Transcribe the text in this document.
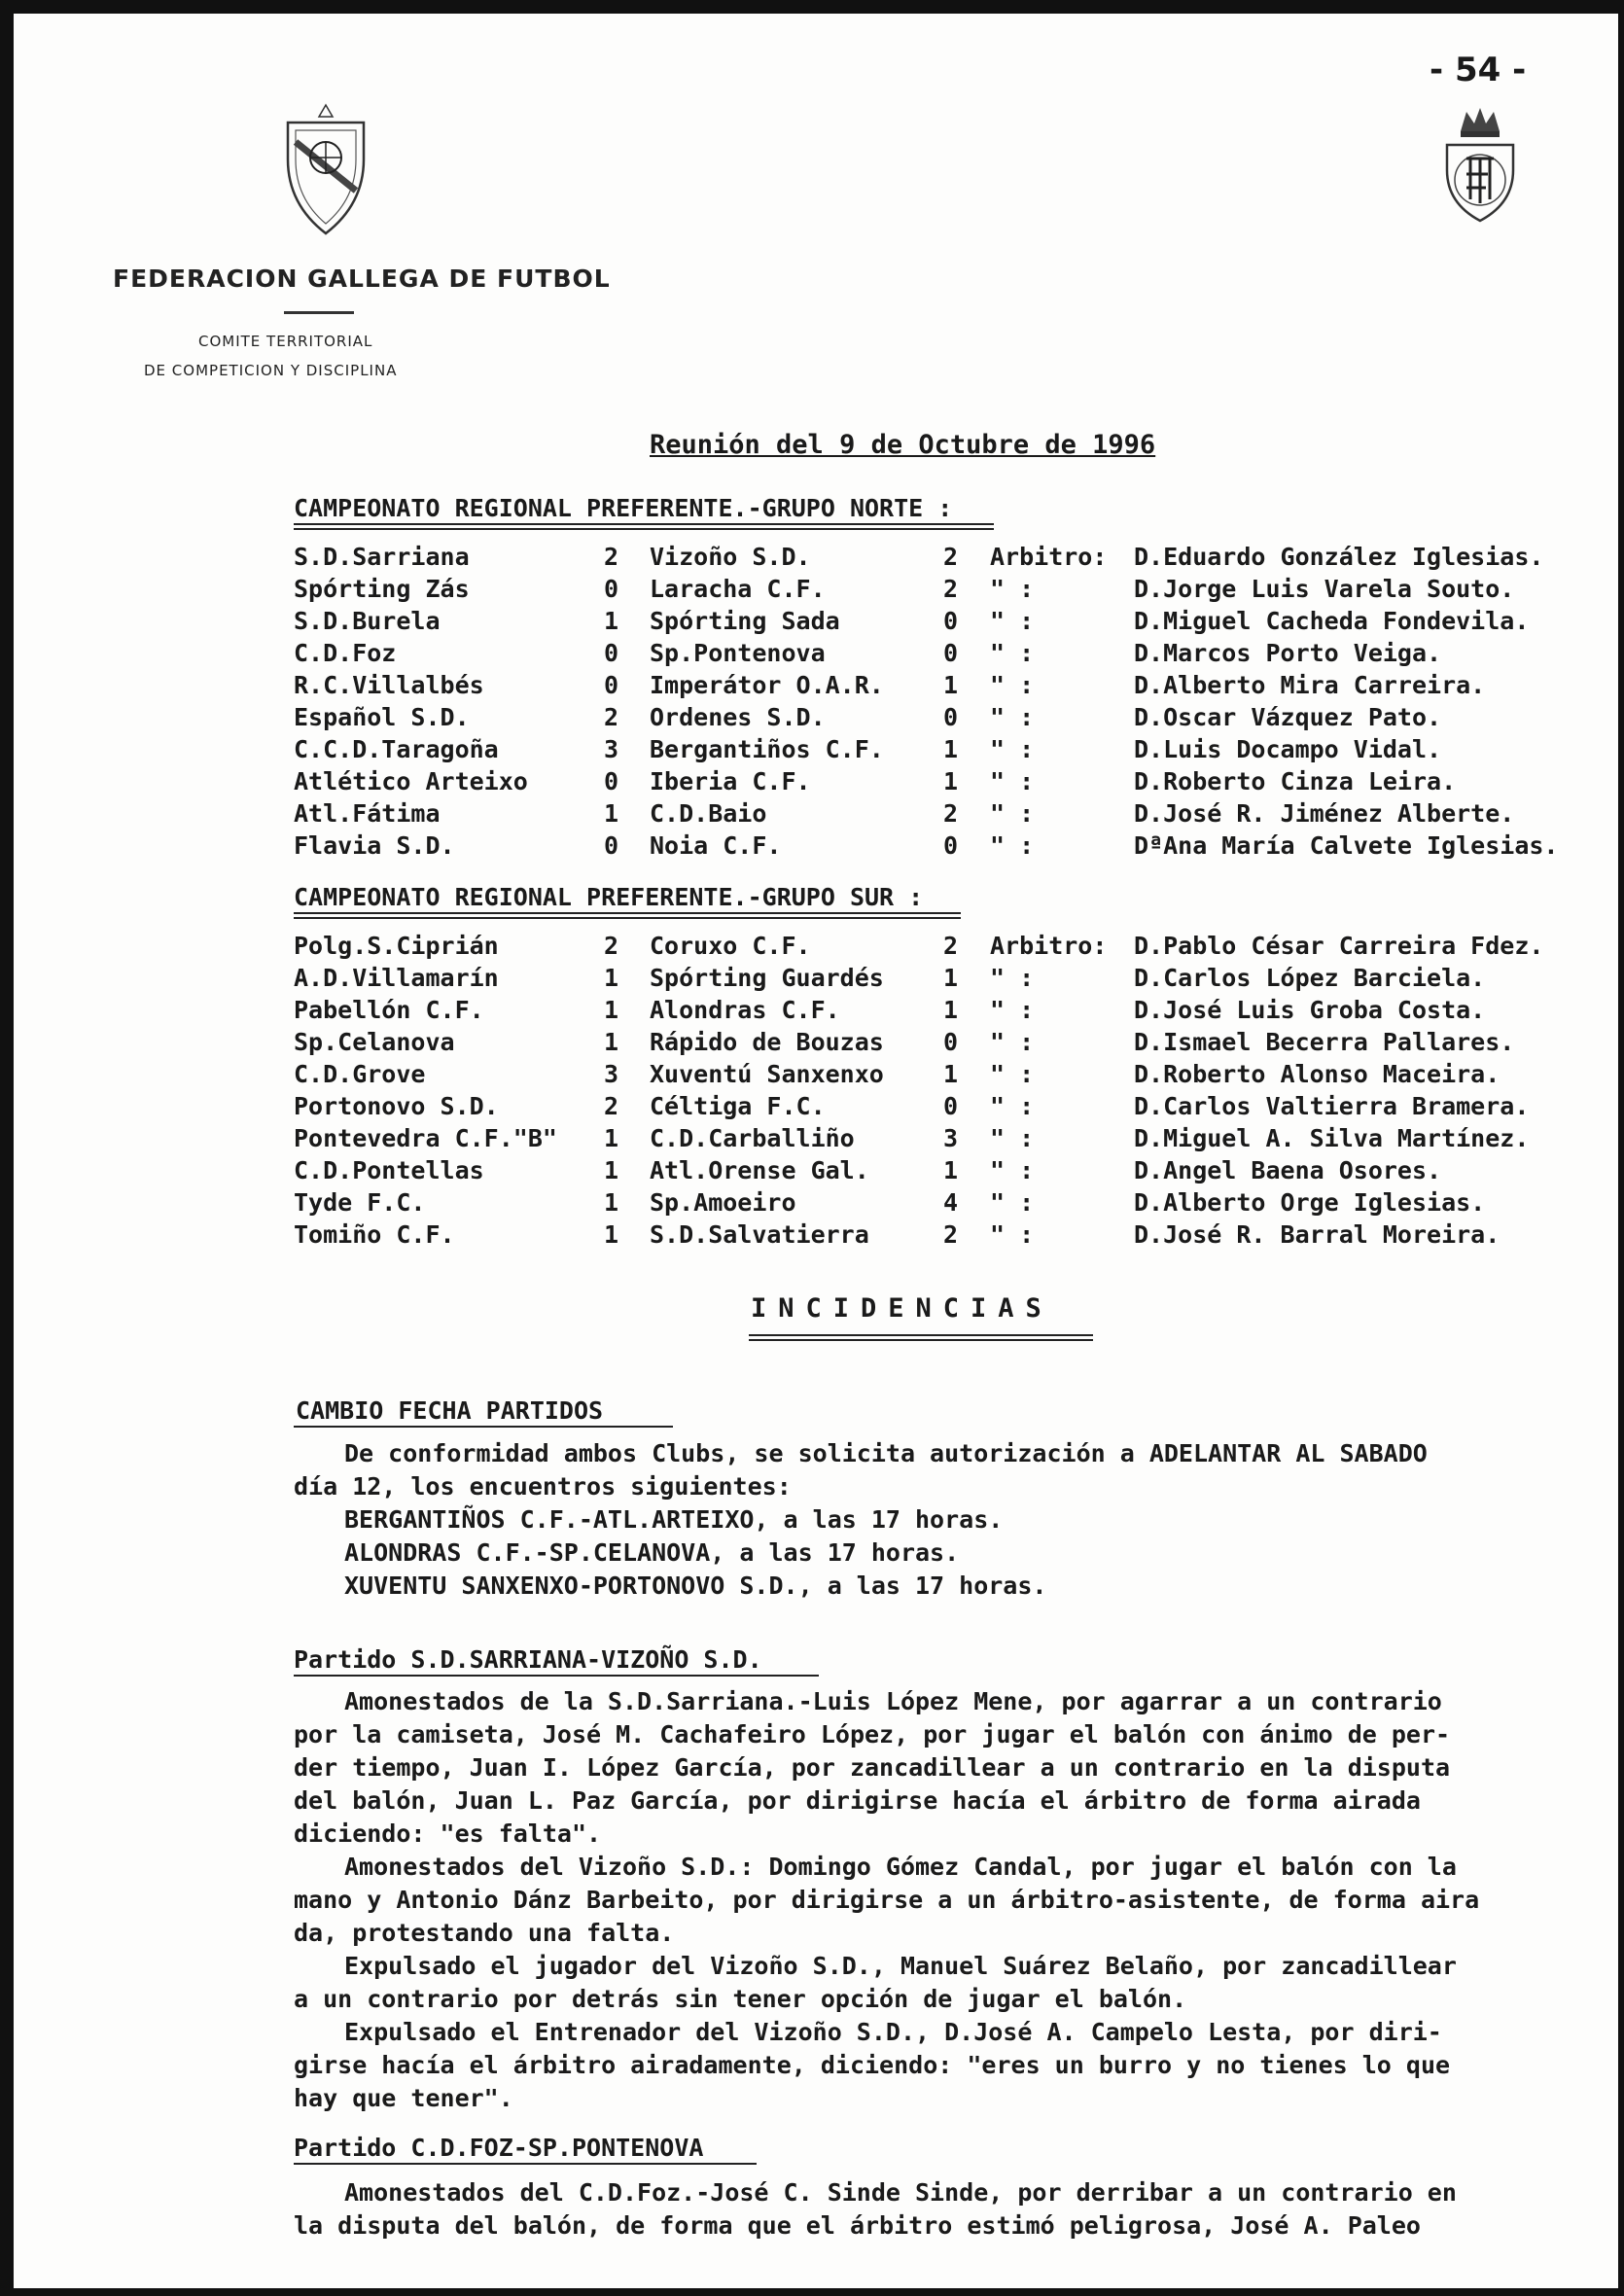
- 54 -
FEDERACION GALLEGA DE FUTBOL
COMITE TERRITORIAL
DE COMPETICION Y DISCIPLINA
Reunión del 9 de Octubre de 1996
CAMPEONATO REGIONAL PREFERENTE.-GRUPO NORTE :
S.D.Sarriana	2 Vizoño S.D.	2 Arbitro: D.Eduardo González Iglesias.
Spórting Zás	0 Laracha C.F.	2 " :	D.Jorge Luis Varela Souto.
S.D.Burela	1 Spórting Sada	0 " :	D.Miguel Cacheda Fondevila.
C.D.Foz	0 Sp.Pontenova	0 " :	D.Marcos Porto Veiga.
R.C.Villalbés	0 Imperátor O.A.R. 1 " :	D.Alberto Mira Carreira.
Español S.D.	2 Ordenes S.D.	0 " :	D.Oscar Vázquez Pato.
C.C.D.Taragoña	3 Bergantiños C.F. 1 " :	D.Luis Docampo Vidal.
Atlético Arteixo	0 Iberia C.F.	1 " :	D.Roberto Cinza Leira.
Atl.Fátima	1 C.D.Baio	2 " :	D.José R. Jiménez Alberte.
Flavia S.D.	0 Noia C.F.	0 " :	DªAna María Calvete Iglesias.
CAMPEONATO REGIONAL PREFERENTE.-GRUPO SUR :
Polg.S.Ciprián	2 Coruxo C.F.	2 Arbitro: D.Pablo César Carreira Fdez.
A.D.Villamarín	1 Spórting Guardés 1 " :	D.Carlos López Barciela.
Pabellón C.F.	1 Alondras C.F.	1 " :	D.José Luis Groba Costa.
Sp.Celanova	1 Rápido de Bouzas 0 " :	D.Ismael Becerra Pallares.
C.D.Grove	3 Xuventú Sanxenxo 1 " :	D.Roberto Alonso Maceira.
Portonovo S.D.	2 Céltiga F.C.	0 " :	D.Carlos Valtierra Bramera.
Pontevedra C.F."B" 1 C.D.Carballiño	3 " :	D.Miguel A. Silva Martínez.
C.D.Pontellas	1 Atl.Orense Gal.	1 " :	D.Angel Baena Osores.
Tyde F.C.	1 Sp.Amoeiro	4 " :	D.Alberto Orge Iglesias.
Tomiño C.F.	1 S.D.Salvatierra	2 " :	D.José R. Barral Moreira.
INCIDENCIAS
CAMBIO FECHA PARTIDOS
De conformidad ambos Clubs, se solicita autorización a ADELANTAR AL SABADO
día 12, los encuentros siguientes:
BERGANTIÑOS C.F.-ATL.ARTEIXO, a las 17 horas.
ALONDRAS C.F.-SP.CELANOVA, a las 17 horas.
XUVENTU SANXENXO-PORTONOVO S.D., a las 17 horas.
Partido S.D.SARRIANA-VIZOÑO S.D.
Amonestados de la S.D.Sarriana.-Luis López Mene, por agarrar a un contrario
por la camiseta, José M. Cachafeiro López, por jugar el balón con ánimo de per-
der tiempo, Juan I. López García, por zancadillear a un contrario en la disputa
del balón, Juan L. Paz García, por dirigirse hacía el árbitro de forma airada
diciendo: "es falta".
Amonestados del Vizoño S.D.: Domingo Gómez Candal, por jugar el balón con la
mano y Antonio Dánz Barbeito, por dirigirse a un árbitro-asistente, de forma aira
da, protestando una falta.
Expulsado el jugador del Vizoño S.D., Manuel Suárez Belaño, por zancadillear
a un contrario por detrás sin tener opción de jugar el balón.
Expulsado el Entrenador del Vizoño S.D., D.José A. Campelo Lesta, por diri-
girse hacía el árbitro airadamente, diciendo: "eres un burro y no tienes lo que
hay que tener".
Partido C.D.FOZ-SP.PONTENOVA
Amonestados del C.D.Foz.-José C. Sinde Sinde, por derribar a un contrario en
la disputa del balón, de forma que el árbitro estimó peligrosa, José A. Paleo
